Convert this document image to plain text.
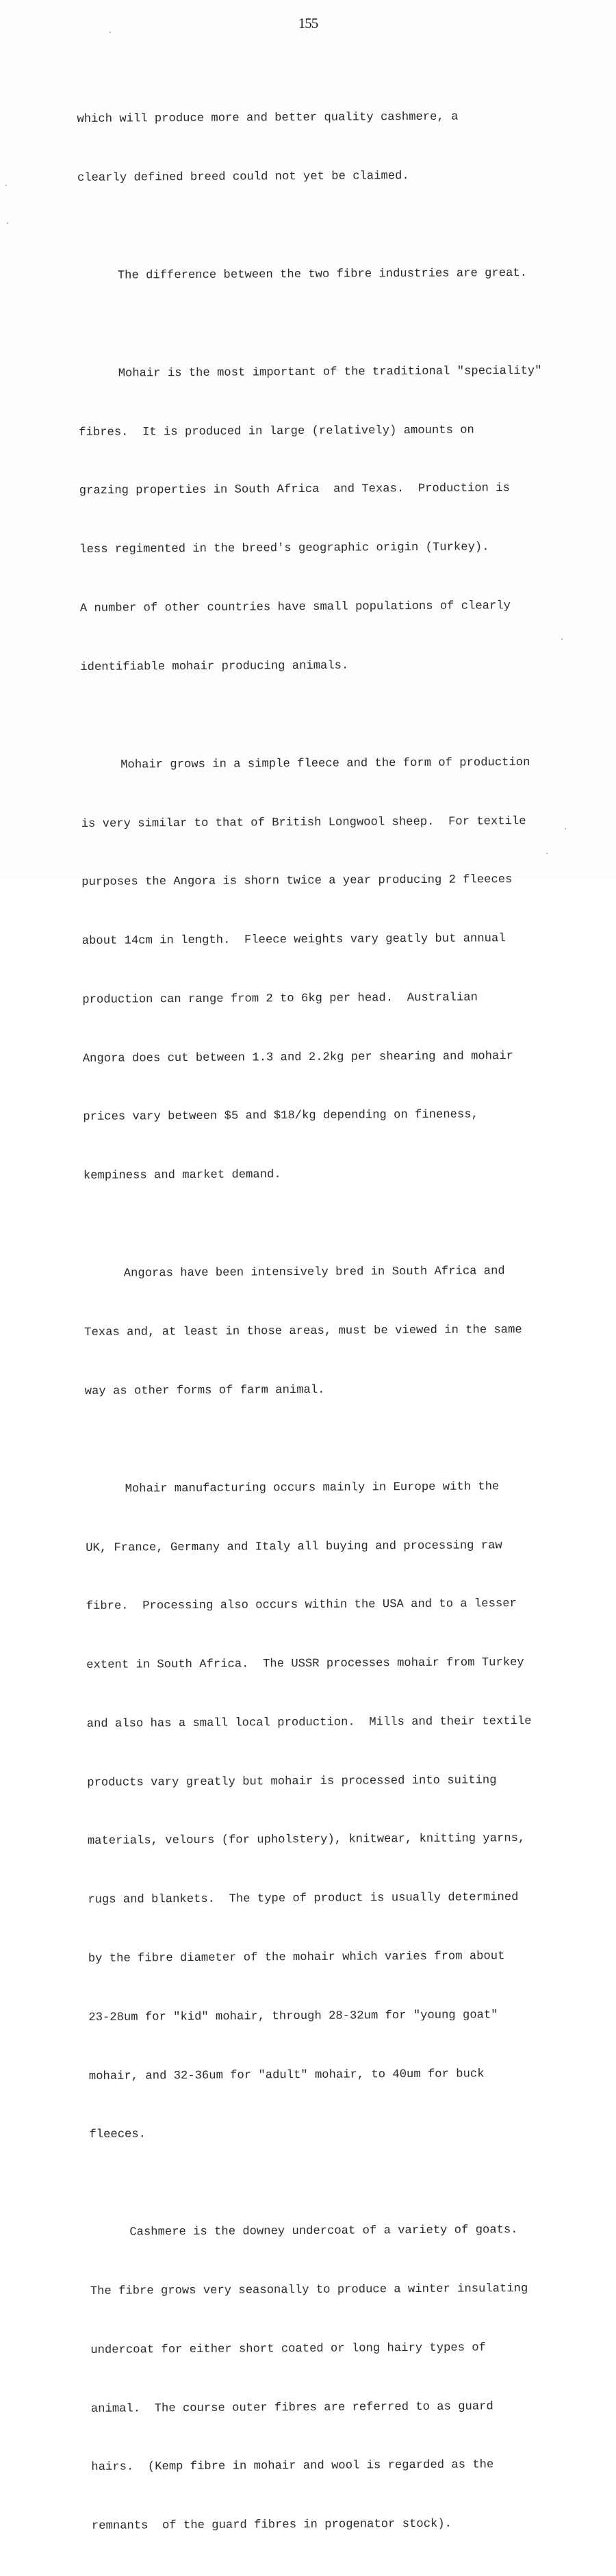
155

which will produce more and better quality cashmere, a

clearly defined breed could not yet be claimed.

The difference between the two fibre industries are great.

Mohair is the most important of the traditional "speciality"

fibres.  It is produced in large (relatively) amounts on

grazing properties in South Africa  and Texas.  Production is

less regimented in the breed's geographic origin (Turkey).

A number of other countries have small populations of clearly

identifiable mohair producing animals.

Mohair grows in a simple fleece and the form of production

is very similar to that of British Longwool sheep.  For textile

purposes the Angora is shorn twice a year producing 2 fleeces

about 14cm in length.  Fleece weights vary geatly but annual

production can range from 2 to 6kg per head.  Australian

Angora does cut between 1.3 and 2.2kg per shearing and mohair

prices vary between $5 and $18/kg depending on fineness,

kempiness and market demand.

Angoras have been intensively bred in South Africa and

Texas and, at least in those areas, must be viewed in the same

way as other forms of farm animal.

Mohair manufacturing occurs mainly in Europe with the

UK, France, Germany and Italy all buying and processing raw

fibre.  Processing also occurs within the USA and to a lesser

extent in South Africa.  The USSR processes mohair from Turkey

and also has a small local production.  Mills and their textile

products vary greatly but mohair is processed into suiting

materials, velours (for upholstery), knitwear, knitting yarns,

rugs and blankets.  The type of product is usually determined

by the fibre diameter of the mohair which varies from about

23-28um for "kid" mohair, through 28-32um for "young goat"

mohair, and 32-36um for "adult" mohair, to 40um for buck

fleeces.

Cashmere is the downey undercoat of a variety of goats.

The fibre grows very seasonally to produce a winter insulating

undercoat for either short coated or long hairy types of

animal.  The course outer fibres are referred to as guard

hairs.  (Kemp fibre in mohair and wool is regarded as the

remnants  of the guard fibres in progenator stock).
